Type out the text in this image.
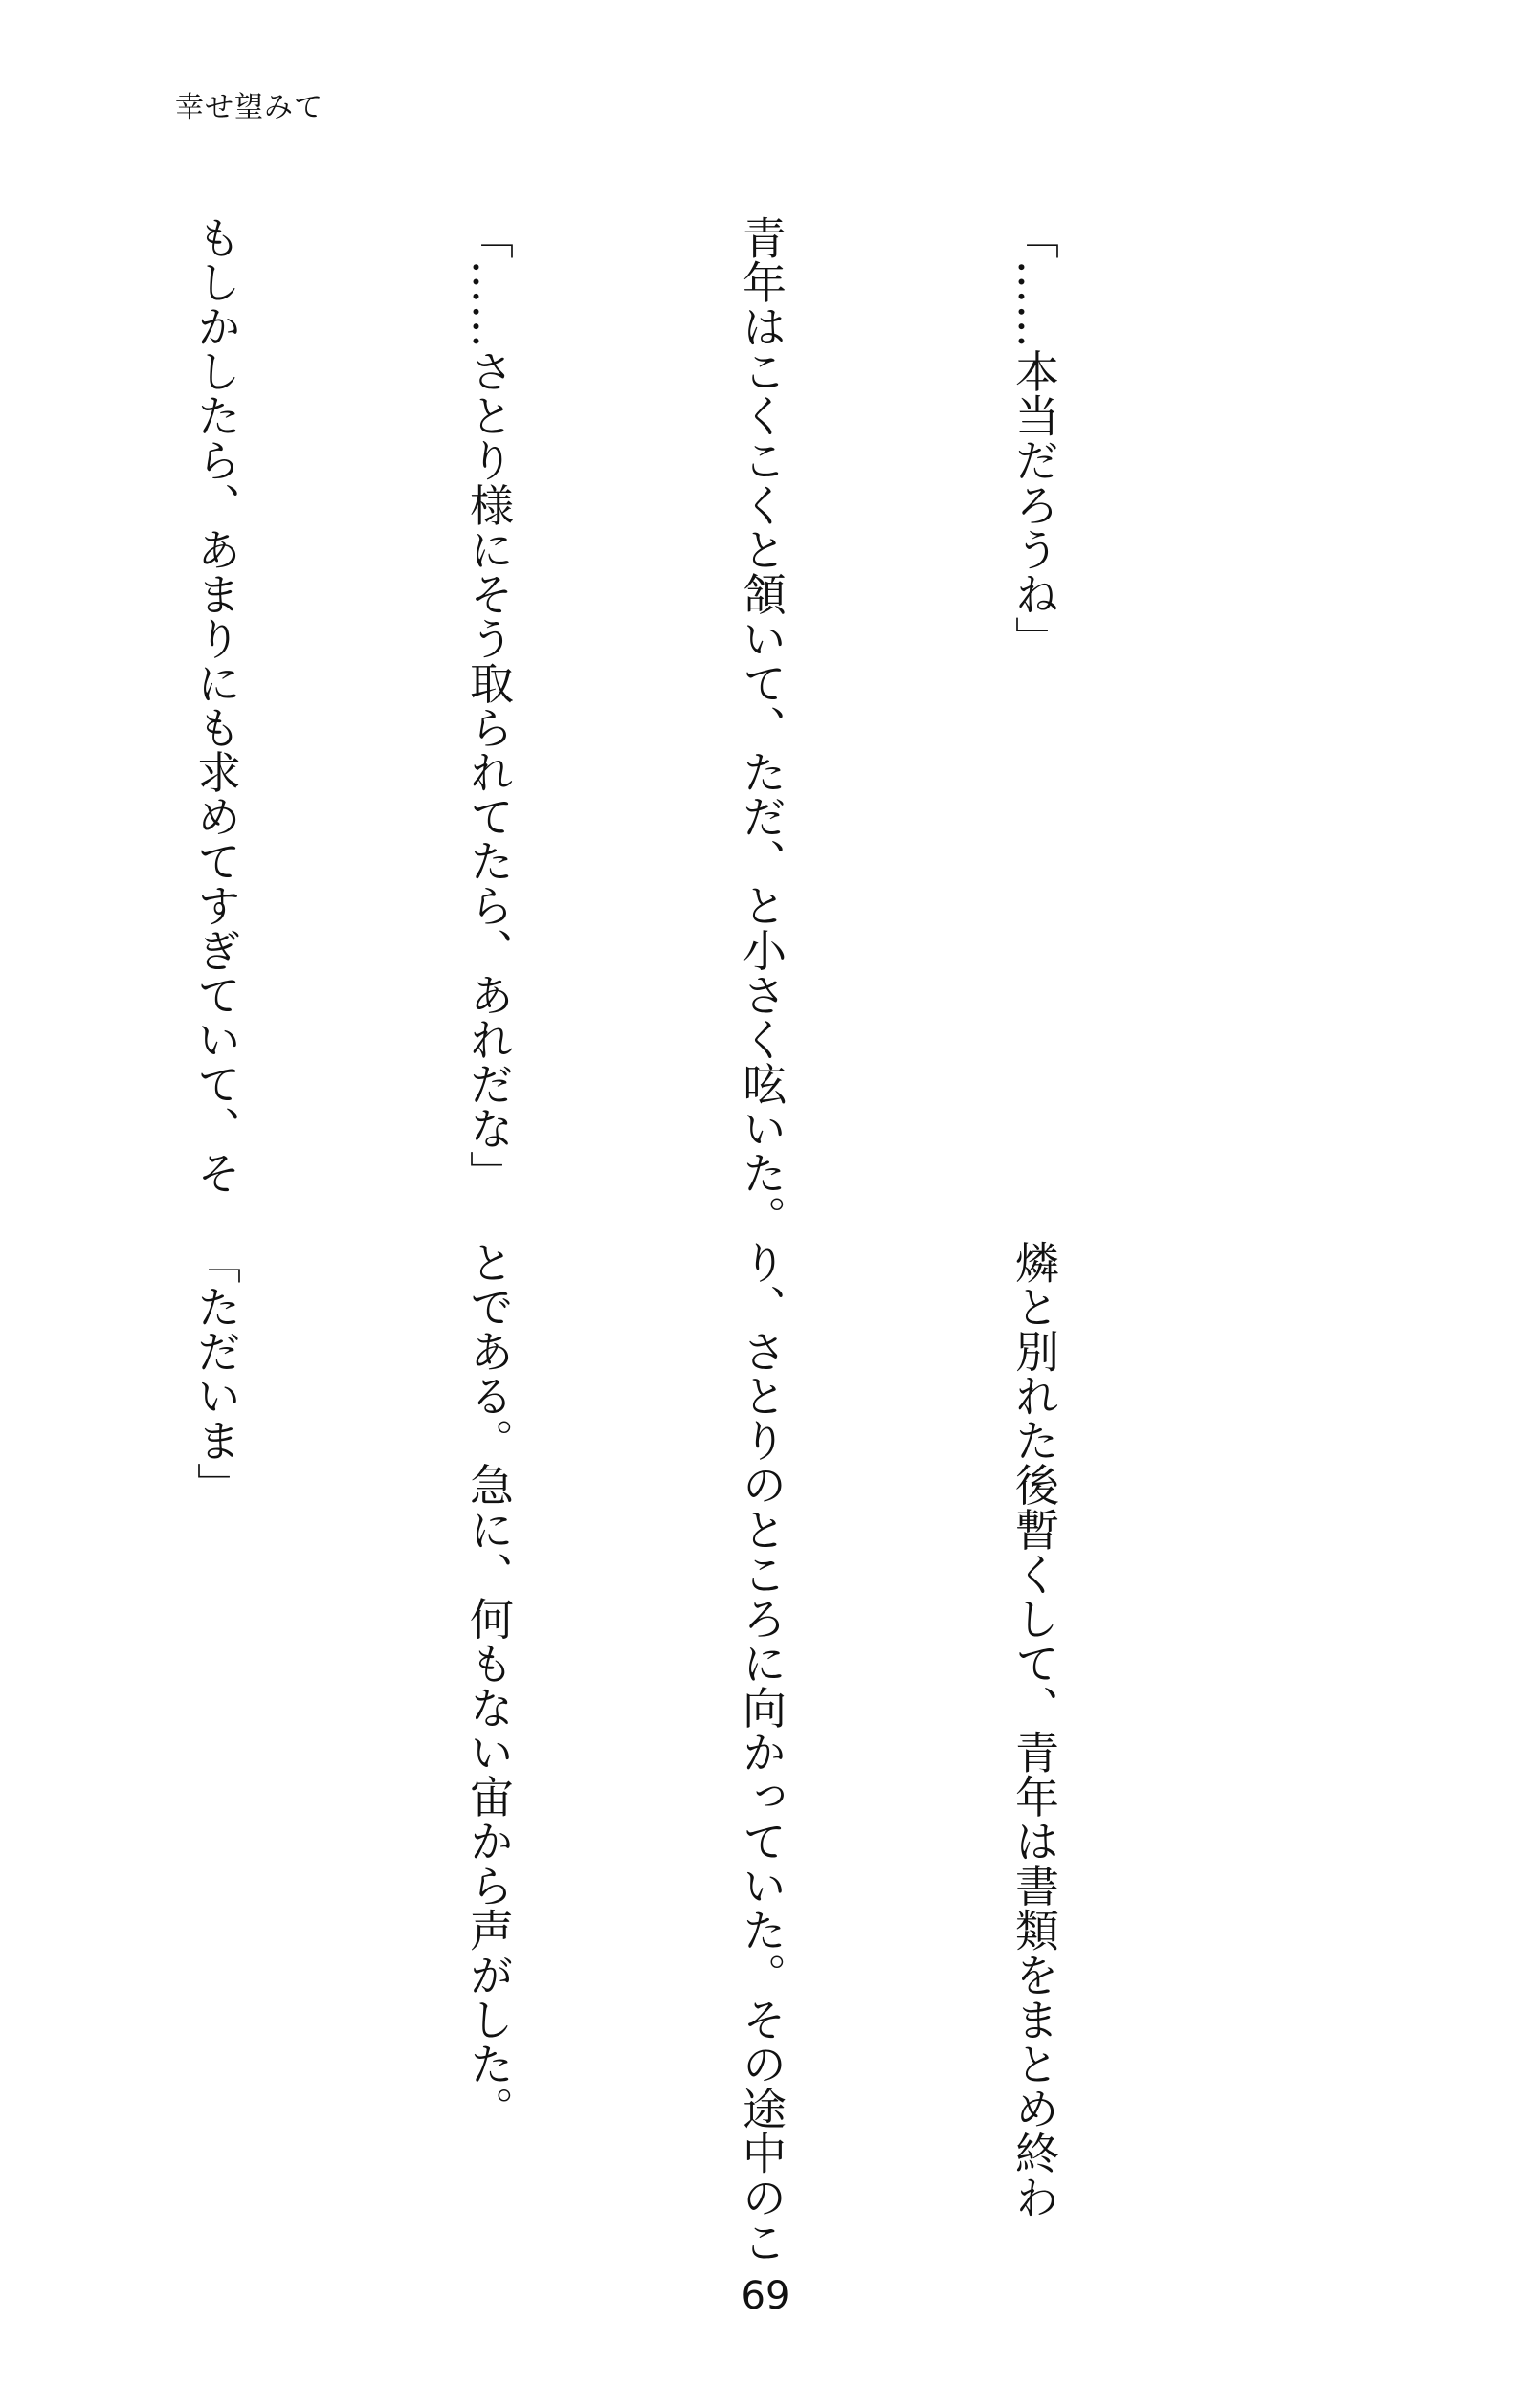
幸せ望みて

「……本当だろうね」

青年はこくこくと頷いて、ただ、と小さく呟いた。

「……さとり様にそう取られてたら、あれだな」

もしかしたら、あまりにも求めてすぎていて、そ

燐と別れた後暫くして、青年は書類をまとめ終わ

り、さとりのところに向かっていた。その途中のこ

とである。急に、何もない宙から声がした。

「ただいま」

69
